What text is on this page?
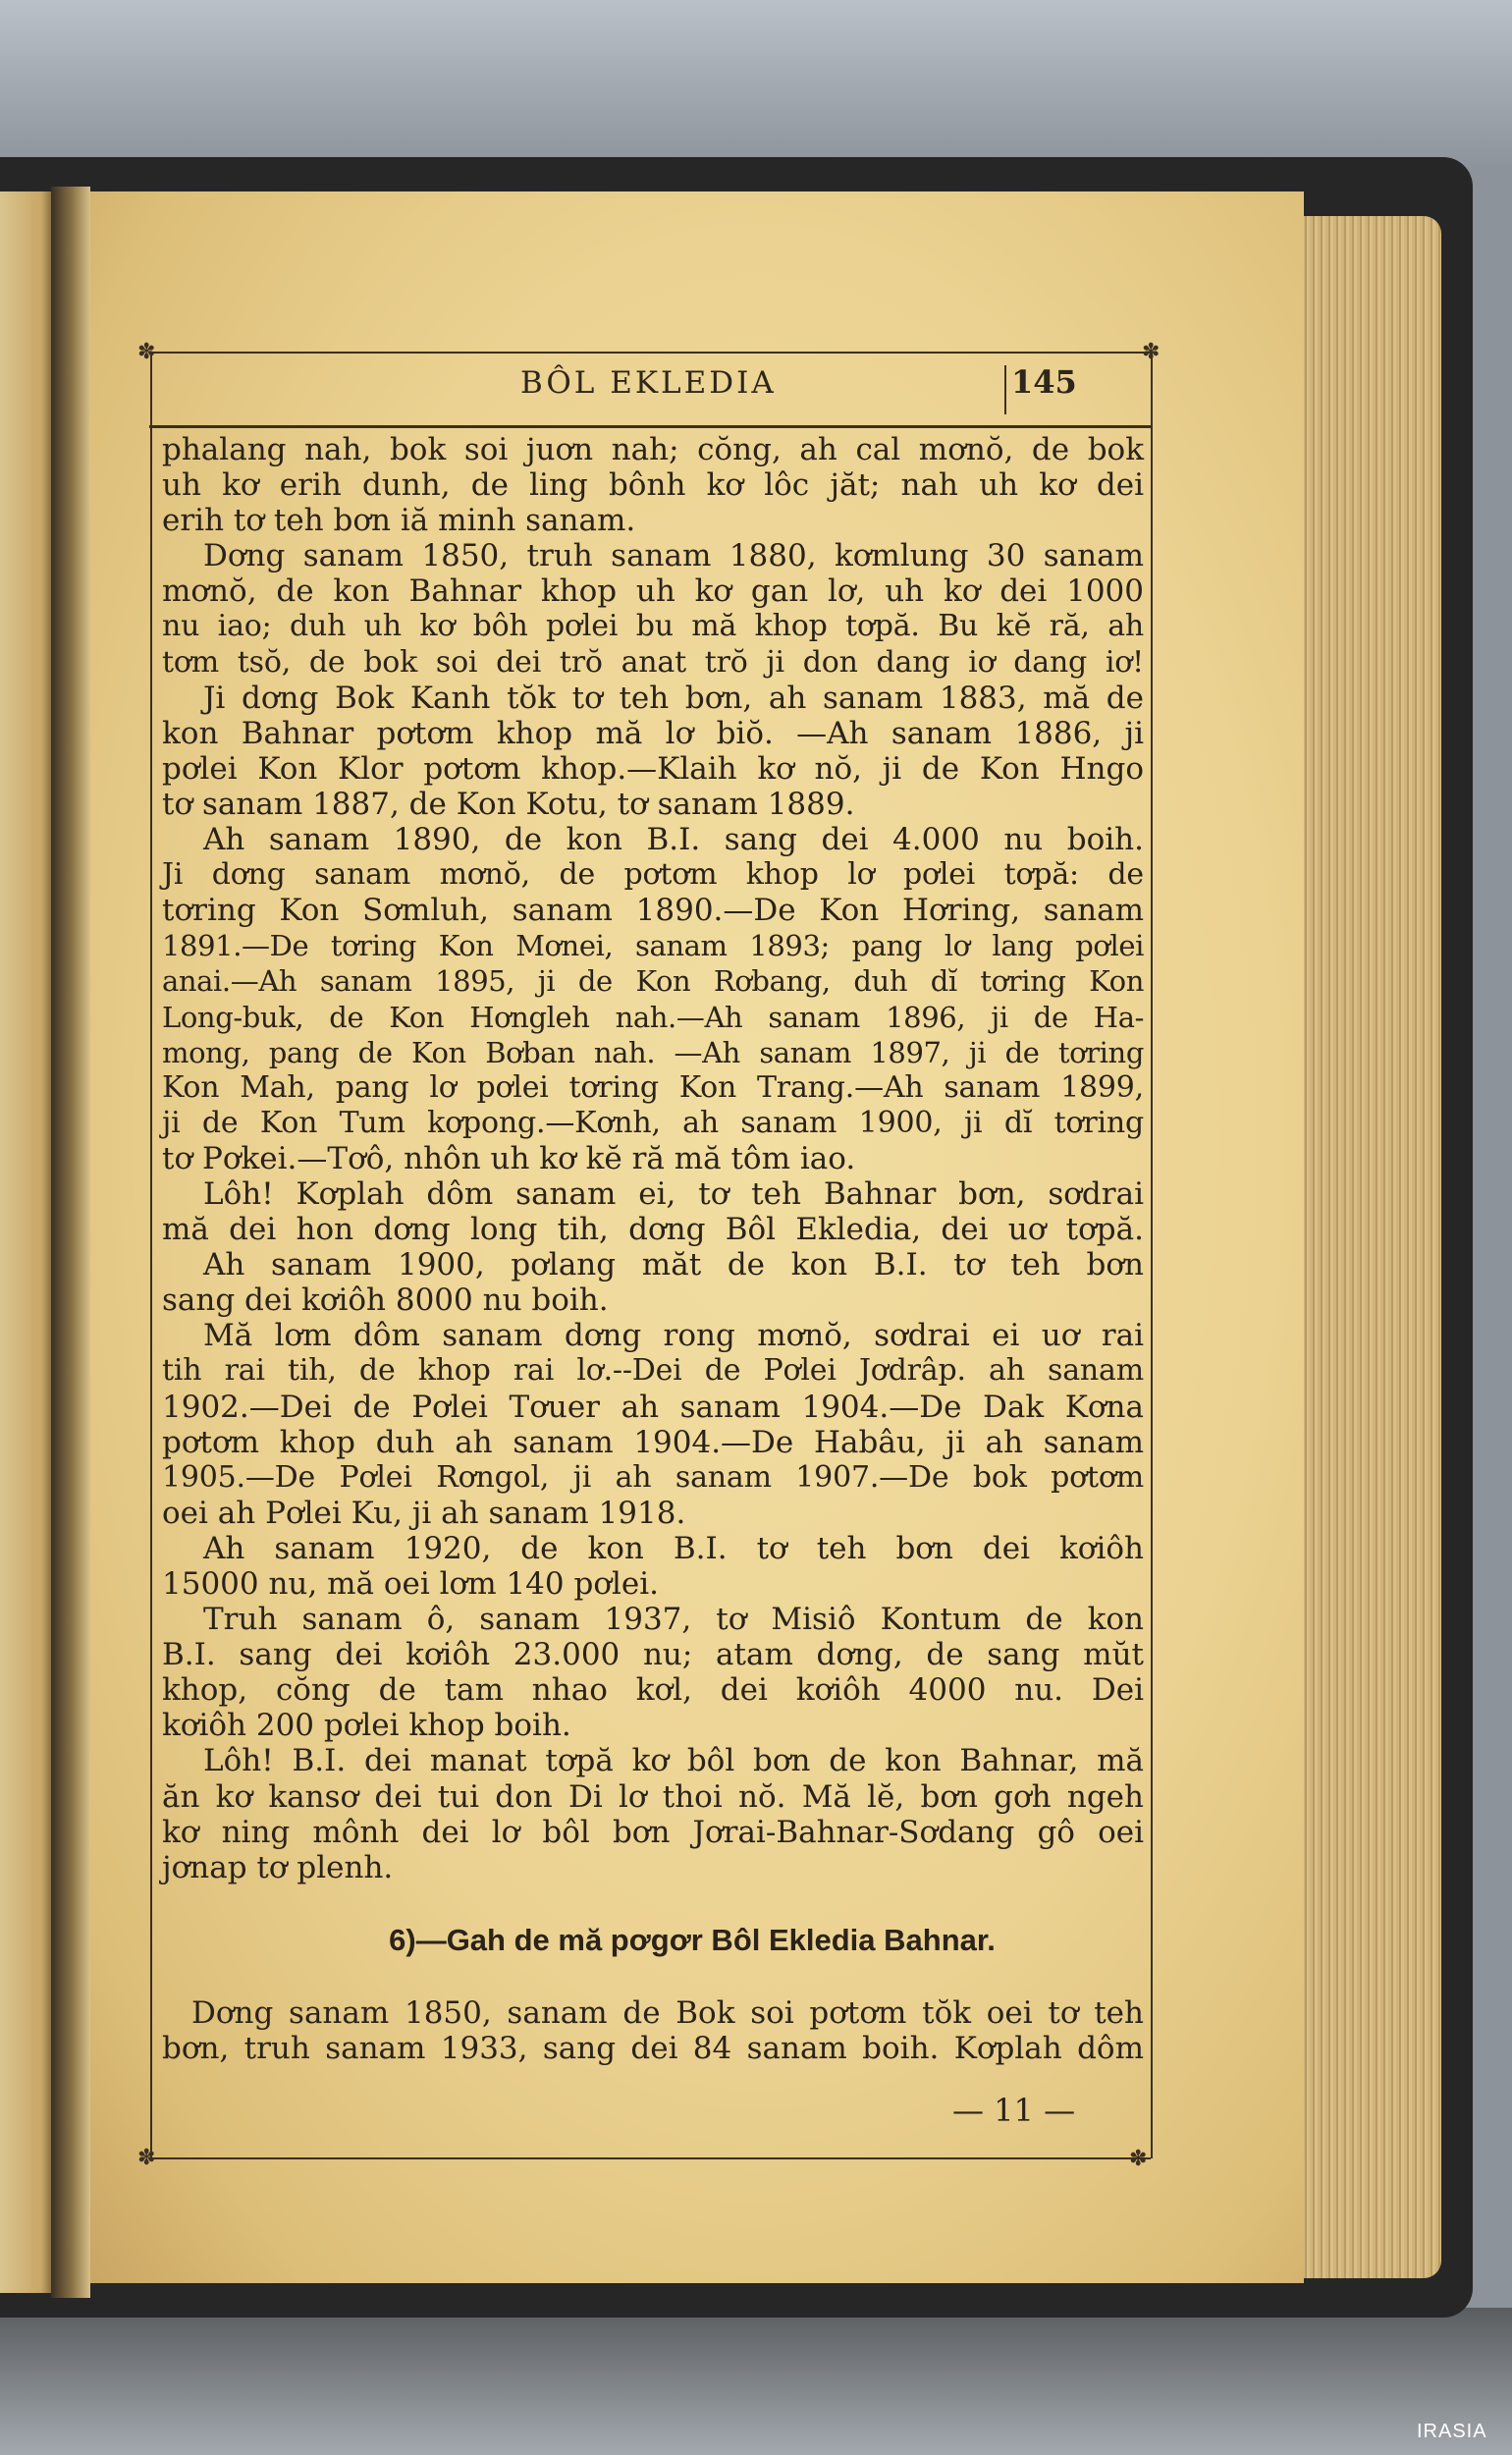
✽	✽
✽	✽
BÔL EKLEDIA	145
phalang nah, bok soi juơn nah; cŏng, ah cal mơnŏ, de bok
uh kơ erih dunh, de ling bônh kơ lôc jăt; nah uh kơ dei
erih tơ teh bơn iă minh sanam.
Dơng sanam 1850, truh sanam 1880, kơmlung 30 sanam
mơnŏ, de kon Bahnar khop uh kơ gan lơ, uh kơ dei 1000
nu iao; duh uh kơ bôh pơlei bu mă khop tơpă. Bu kĕ ră, ah
tơm tsŏ, de bok soi dei trŏ anat trŏ ji don dang iơ dang iơ!
Ji dơng Bok Kanh tŏk tơ teh bơn, ah sanam 1883, mă de
kon Bahnar pơtơm khop mă lơ biŏ. —Ah sanam 1886, ji
pơlei Kon Klor pơtơm khop.—Klaih kơ nŏ, ji de Kon Hngo
tơ sanam 1887, de Kon Kotu, tơ sanam 1889.
Ah sanam 1890, de kon B.I. sang dei 4.000 nu boih.
Ji dơng sanam mơnŏ, de pơtơm khop lơ pơlei tơpă: de
tơring Kon Sơmluh, sanam 1890.—De Kon Hơring, sanam
1891.—De tơring Kon Mơnei, sanam 1893; pang lơ lang pơlei
anai.—Ah sanam 1895, ji de Kon Rơbang, duh dĭ tơring Kon
Long-buk, de Kon Hơngleh nah.—Ah sanam 1896, ji de Ha-
mong, pang de Kon Bơban nah. —Ah sanam 1897, ji de tơring
Kon Mah, pang lơ pơlei tơring Kon Trang.—Ah sanam 1899,
ji de Kon Tum kơpong.—Kơnh, ah sanam 1900, ji dĭ tơring
tơ Pơkei.—Tơô, nhôn uh kơ kĕ ră mă tôm iao.
Lôh! Kơplah dôm sanam ei, tơ teh Bahnar bơn, sơdrai
mă dei hon dơng long tih, dơng Bôl Ekledia, dei uơ tơpă.
Ah sanam 1900, pơlang măt de kon B.I. tơ teh bơn
sang dei kơiôh 8000 nu boih.
Mă lơm dôm sanam dơng rong mơnŏ, sơdrai ei uơ rai
tih rai tih, de khop rai lơ.--Dei de Pơlei Jơdrâp. ah sanam
1902.—Dei de Pơlei Tơuer ah sanam 1904.—De Dak Kơna
pơtơm khop duh ah sanam 1904.—De Habâu, ji ah sanam
1905.—De Pơlei Rơngol, ji ah sanam 1907.—De bok pơtơm
oei ah Pơlei Ku, ji ah sanam 1918.
Ah sanam 1920, de kon B.I. tơ teh bơn dei kơiôh
15000 nu, mă oei lơm 140 pơlei.
Truh sanam ô, sanam 1937, tơ Misiô Kontum de kon
B.I. sang dei kơiôh 23.000 nu; atam dơng, de sang mŭt
khop, cŏng de tam nhao kơl, dei kơiôh 4000 nu. Dei
kơiôh 200 pơlei khop boih.
Lôh! B.I. dei manat tơpă kơ bôl bơn de kon Bahnar, mă
ăn kơ kansơ dei tui don Di lơ thoi nŏ. Mă lĕ, bơn gơh ngeh
kơ ning mônh dei lơ bôl bơn Jơrai-Bahnar-Sơdang gô oei
jơnap tơ plenh.
6)—Gah de mă pơgơr Bôl Ekledia Bahnar.
Dơng sanam 1850, sanam de Bok soi pơtơm tŏk oei tơ teh
bơn, truh sanam 1933, sang dei 84 sanam boih. Kơplah dôm
— 11 —
IRASIA
